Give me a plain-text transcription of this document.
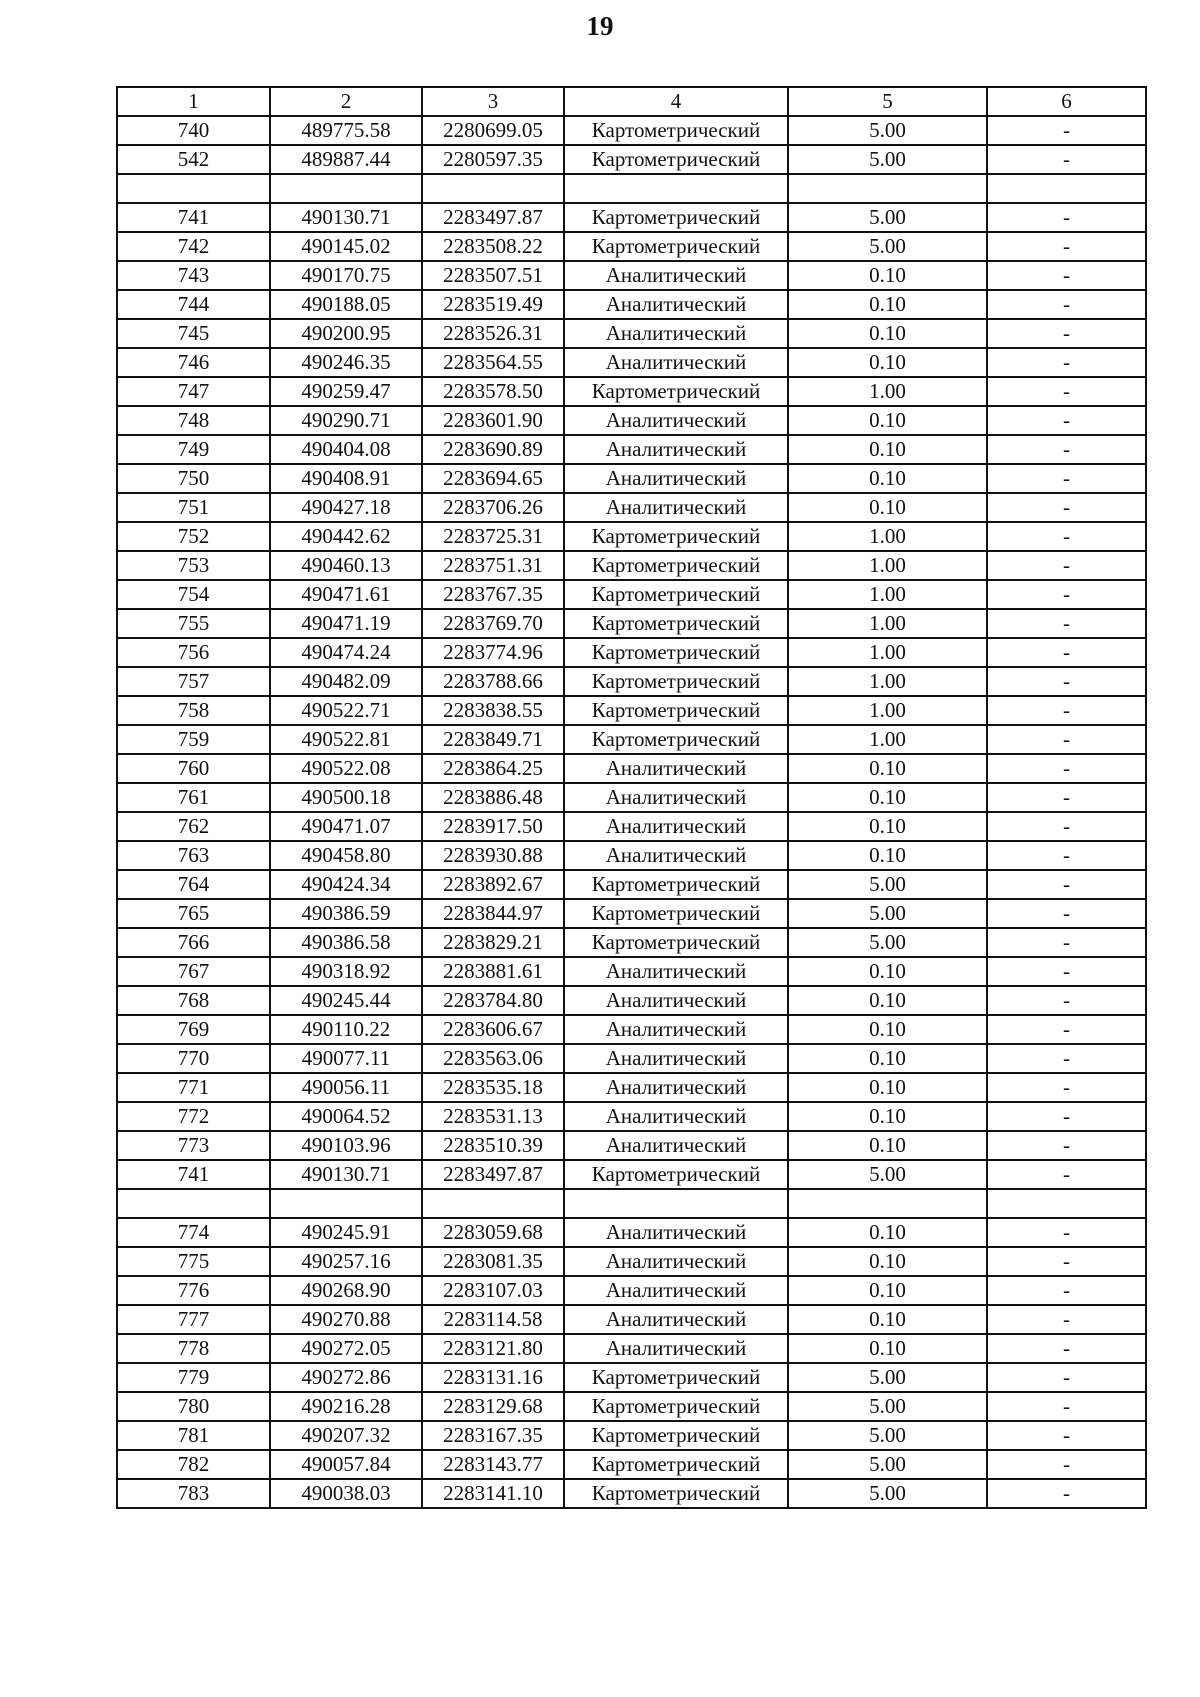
19
1	2	3	4	5	6
740	489775.58	2280699.05	Картометрический	5.00	-
542	489887.44	2280597.35	Картометрический	5.00	-

741	490130.71	2283497.87	Картометрический	5.00	-
742	490145.02	2283508.22	Картометрический	5.00	-
743	490170.75	2283507.51	Аналитический	0.10	-
744	490188.05	2283519.49	Аналитический	0.10	-
745	490200.95	2283526.31	Аналитический	0.10	-
746	490246.35	2283564.55	Аналитический	0.10	-
747	490259.47	2283578.50	Картометрический	1.00	-
748	490290.71	2283601.90	Аналитический	0.10	-
749	490404.08	2283690.89	Аналитический	0.10	-
750	490408.91	2283694.65	Аналитический	0.10	-
751	490427.18	2283706.26	Аналитический	0.10	-
752	490442.62	2283725.31	Картометрический	1.00	-
753	490460.13	2283751.31	Картометрический	1.00	-
754	490471.61	2283767.35	Картометрический	1.00	-
755	490471.19	2283769.70	Картометрический	1.00	-
756	490474.24	2283774.96	Картометрический	1.00	-
757	490482.09	2283788.66	Картометрический	1.00	-
758	490522.71	2283838.55	Картометрический	1.00	-
759	490522.81	2283849.71	Картометрический	1.00	-
760	490522.08	2283864.25	Аналитический	0.10	-
761	490500.18	2283886.48	Аналитический	0.10	-
762	490471.07	2283917.50	Аналитический	0.10	-
763	490458.80	2283930.88	Аналитический	0.10	-
764	490424.34	2283892.67	Картометрический	5.00	-
765	490386.59	2283844.97	Картометрический	5.00	-
766	490386.58	2283829.21	Картометрический	5.00	-
767	490318.92	2283881.61	Аналитический	0.10	-
768	490245.44	2283784.80	Аналитический	0.10	-
769	490110.22	2283606.67	Аналитический	0.10	-
770	490077.11	2283563.06	Аналитический	0.10	-
771	490056.11	2283535.18	Аналитический	0.10	-
772	490064.52	2283531.13	Аналитический	0.10	-
773	490103.96	2283510.39	Аналитический	0.10	-
741	490130.71	2283497.87	Картометрический	5.00	-

774	490245.91	2283059.68	Аналитический	0.10	-
775	490257.16	2283081.35	Аналитический	0.10	-
776	490268.90	2283107.03	Аналитический	0.10	-
777	490270.88	2283114.58	Аналитический	0.10	-
778	490272.05	2283121.80	Аналитический	0.10	-
779	490272.86	2283131.16	Картометрический	5.00	-
780	490216.28	2283129.68	Картометрический	5.00	-
781	490207.32	2283167.35	Картометрический	5.00	-
782	490057.84	2283143.77	Картометрический	5.00	-
783	490038.03	2283141.10	Картометрический	5.00	-
